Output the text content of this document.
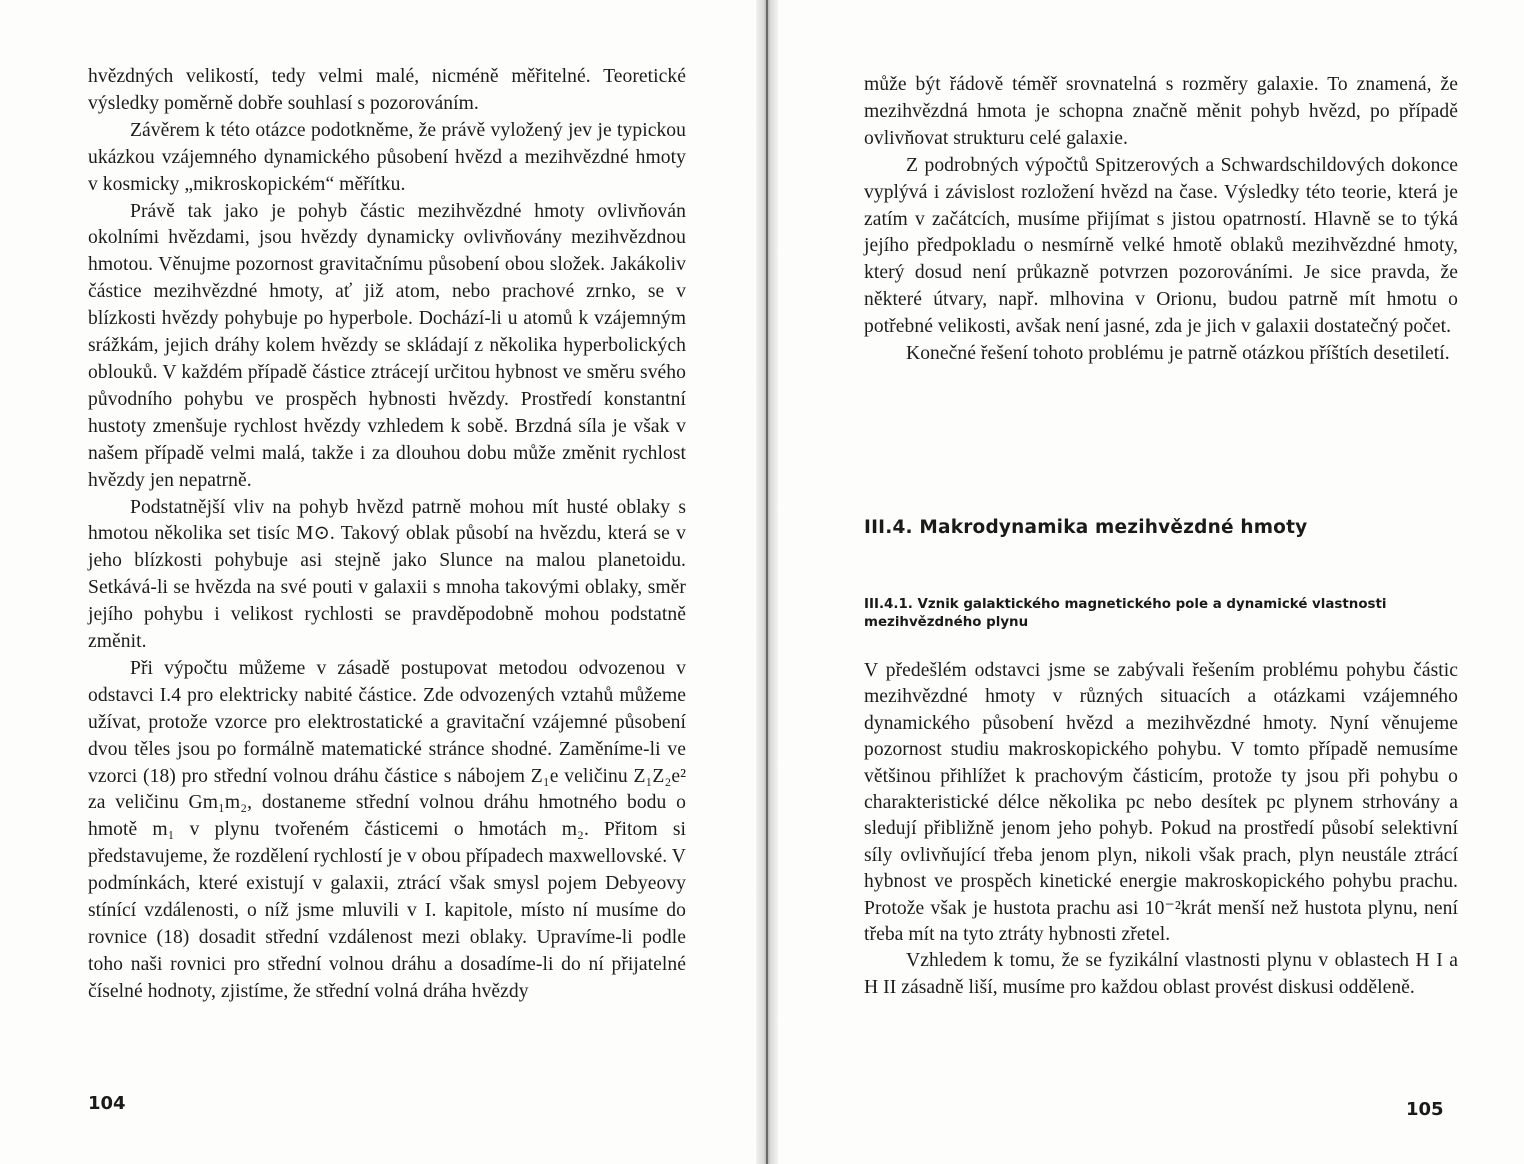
hvězdných velikostí, tedy velmi malé, nicméně měřitelné. Teoretické výsledky poměrně dobře souhlasí s pozorováním.

Závěrem k této otázce podotkněme, že právě vyložený jev je typickou ukázkou vzájemného dynamického působení hvězd a mezihvězdné hmoty v kosmicky „mikroskopickém“ měřítku.

Právě tak jako je pohyb částic mezihvězdné hmoty ovlivňován okolními hvězdami, jsou hvězdy dynamicky ovlivňovány mezihvězdnou hmotou. Věnujme pozornost gravitačnímu působení obou složek. Jakákoliv částice mezihvězdné hmoty, ať již atom, nebo prachové zrnko, se v blízkosti hvězdy pohybuje po hyperbole. Dochází-li u atomů k vzájemným srážkám, jejich dráhy kolem hvězdy se skládají z několika hyperbolických oblouků. V každém případě částice ztrácejí určitou hybnost ve směru svého původního pohybu ve prospěch hybnosti hvězdy. Prostředí konstantní hustoty zmenšuje rychlost hvězdy vzhledem k sobě. Brzdná síla je však v našem případě velmi malá, takže i za dlouhou dobu může změnit rychlost hvězdy jen nepatrně.

Podstatnější vliv na pohyb hvězd patrně mohou mít husté oblaky s hmotou několika set tisíc M⊙. Takový oblak působí na hvězdu, která se v jeho blízkosti pohybuje asi stejně jako Slunce na malou planetoidu. Setkává-li se hvězda na své pouti v galaxii s mnoha takovými oblaky, směr jejího pohybu i velikost rychlosti se pravděpodobně mohou podstatně změnit.

Při výpočtu můžeme v zásadě postupovat metodou odvozenou v odstavci I.4 pro elektricky nabité částice. Zde odvozených vztahů můžeme užívat, protože vzorce pro elektrostatické a gravitační vzájemné působení dvou těles jsou po formálně matematické stránce shodné. Zaměníme-li ve vzorci (18) pro střední volnou dráhu částice s nábojem Z₁e veličinu Z₁Z₂e² za veličinu Gm₁m₂, dostaneme střední volnou dráhu hmotného bodu o hmotě m₁ v plynu tvořeném částicemi o hmotách m₂. Přitom si představujeme, že rozdělení rychlostí je v obou případech maxwellovské. V podmínkách, které existují v galaxii, ztrácí však smysl pojem Debyeovy stínící vzdálenosti, o níž jsme mluvili v I. kapitole, místo ní musíme do rovnice (18) dosadit střední vzdálenost mezi oblaky. Upravíme-li podle toho naši rovnici pro střední volnou dráhu a dosadíme-li do ní přijatelné číselné hodnoty, zjistíme, že střední volná dráha hvězdy

104

může být řádově téměř srovnatelná s rozměry galaxie. To znamená, že mezihvězdná hmota je schopna značně měnit pohyb hvězd, po případě ovlivňovat strukturu celé galaxie.

Z podrobných výpočtů Spitzerových a Schwardschildových dokonce vyplývá i závislost rozložení hvězd na čase. Výsledky této teorie, která je zatím v začátcích, musíme přijímat s jistou opatrností. Hlavně se to týká jejího předpokladu o nesmírně velké hmotě oblaků mezihvězdné hmoty, který dosud není průkazně potvrzen pozorováními. Je sice pravda, že některé útvary, např. mlhovina v Orionu, budou patrně mít hmotu o potřebné velikosti, avšak není jasné, zda je jich v galaxii dostatečný počet.

Konečné řešení tohoto problému je patrně otázkou příštích desetiletí.

III.4. Makrodynamika mezihvězdné hmoty
III.4.1. Vznik galaktického magnetického pole a dynamické vlastnosti mezihvězdného plynu

V předešlém odstavci jsme se zabývali řešením problému pohybu částic mezihvězdné hmoty v různých situacích a otázkami vzájemného dynamického působení hvězd a mezihvězdné hmoty. Nyní věnujeme pozornost studiu makroskopického pohybu. V tomto případě nemusíme většinou přihlížet k prachovým částicím, protože ty jsou při pohybu o charakteristické délce několika pc nebo desítek pc plynem strhovány a sledují přibližně jenom jeho pohyb. Pokud na prostředí působí selektivní síly ovlivňující třeba jenom plyn, nikoli však prach, plyn neustále ztrácí hybnost ve prospěch kinetické energie makroskopického pohybu prachu. Protože však je hustota prachu asi 10⁻²krát menší než hustota plynu, není třeba mít na tyto ztráty hybnosti zřetel.

Vzhledem k tomu, že se fyzikální vlastnosti plynu v oblastech H I a H II zásadně liší, musíme pro každou oblast provést diskusi odděleně.

105
